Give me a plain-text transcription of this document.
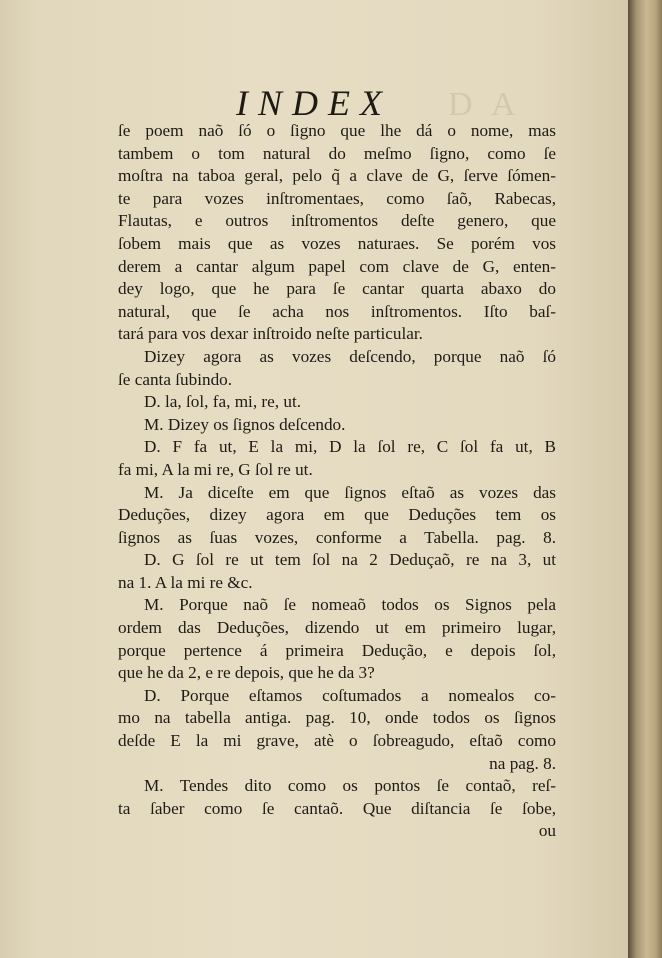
D A
INDEX
ſe poem naõ ſó o ſigno que lhe dá o nome, mas
tambem o tom natural do meſmo ſigno, como ſe
moſtra na taboa geral, pelo q̃ a clave de G, ſerve ſómen-
te para vozes inſtromentaes, como ſaõ, Rabecas,
Flautas, e outros inſtromentos deſte genero, que
ſobem mais que as vozes naturaes. Se porém vos
derem a cantar algum papel com clave de G, enten-
dey logo, que he para ſe cantar quarta abaxo do
natural, que ſe acha nos inſtromentos. Iſto baſ-
tará para vos dexar inſtroido neſte particular.
Dizey agora as vozes deſcendo, porque naõ ſó
ſe canta ſubindo.
D. la, ſol, fa, mi, re, ut.
M. Dizey os ſignos deſcendo.
D. F fa ut, E la mi, D la ſol re, C ſol fa ut, B
fa mi, A la mi re, G ſol re ut.
M. Ja diceſte em que ſignos eſtaõ as vozes das
Deduções, dizey agora em que Deduções tem os
ſignos as ſuas vozes, conforme a Tabella. pag. 8.
D. G ſol re ut tem ſol na 2 Deduçaõ, re na 3, ut
na 1. A la mi re &c.
M. Porque naõ ſe nomeaõ todos os Signos pela
ordem das Deduções, dizendo ut em primeiro lugar,
porque pertence á primeira Dedução, e depois ſol,
que he da 2, e re depois, que he da 3?
D. Porque eſtamos coſtumados a nomealos co-
mo na tabella antiga. pag. 10, onde todos os ſignos
deſde E la mi grave, atè o ſobreagudo, eſtaõ como
na pag. 8.
M. Tendes dito como os pontos ſe contaõ, reſ-
ta ſaber como ſe cantaõ. Que diſtancia ſe ſobe,
ou
